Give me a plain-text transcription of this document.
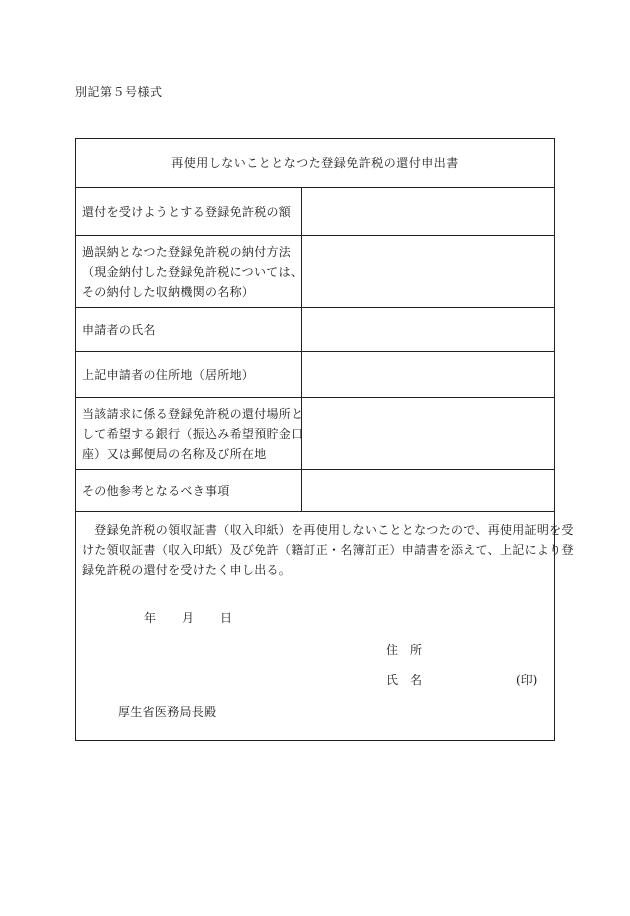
別記第５号様式
再使用しないこととなつた登録免許税の還付申出書
還付を受けようとする登録免許税の額
過誤納となつた登録免許税の納付方法
（現金納付した登録免許税については、
その納付した収納機関の名称）
申請者の氏名
上記申請者の住所地（居所地）
当該請求に係る登録免許税の還付場所と
して希望する銀行（振込み希望預貯金口
座）又は郵便局の名称及び所在地
その他参考となるべき事項
　登録免許税の領収証書（収入印紙）を再使用しないこととなつたので、再使用証明を受
けた領収証書（収入印紙）及び免許（籍訂正・名簿訂正）申請書を添えて、上記により登
録免許税の還付を受けたく申し出る。
年 月 日
住 所
氏 名	(印)
厚生省医務局長殿
